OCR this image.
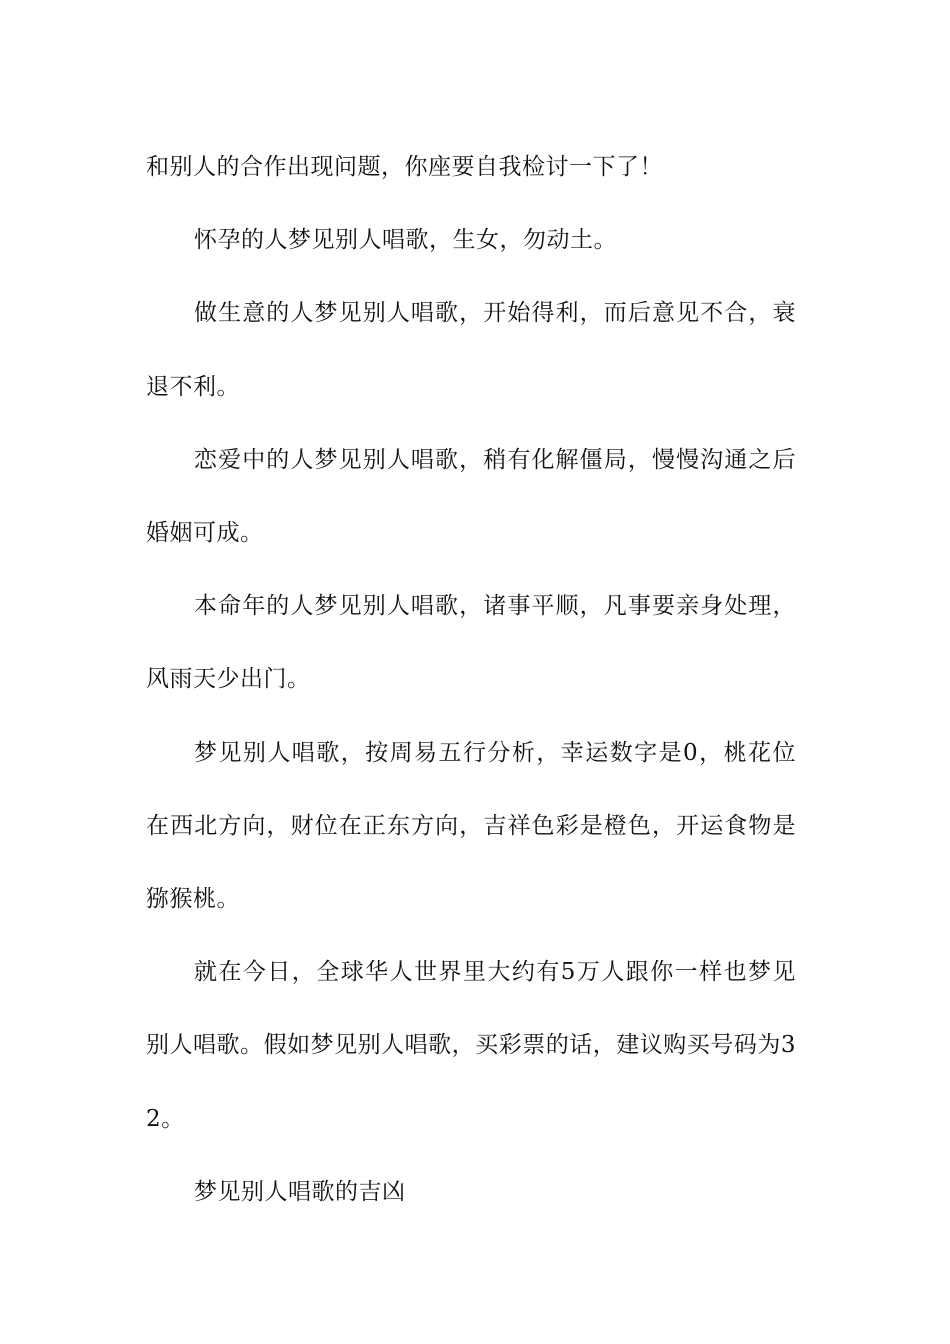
和别人的合作出现问题，你座要自我检讨一下了！

怀孕的人梦见别人唱歌，生女，勿动土。

做生意的人梦见别人唱歌，开始得利，而后意见不合，衰退不利。

恋爱中的人梦见别人唱歌，稍有化解僵局，慢慢沟通之后婚姻可成。

本命年的人梦见别人唱歌，诸事平顺，凡事要亲身处理，风雨天少出门。

梦见别人唱歌，按周易五行分析，幸运数字是0，桃花位在西北方向，财位在正东方向，吉祥色彩是橙色，开运食物是猕猴桃。

就在今日，全球华人世界里大约有5万人跟你一样也梦见别人唱歌。假如梦见别人唱歌，买彩票的话，建议购买号码为32。

梦见别人唱歌的吉凶
